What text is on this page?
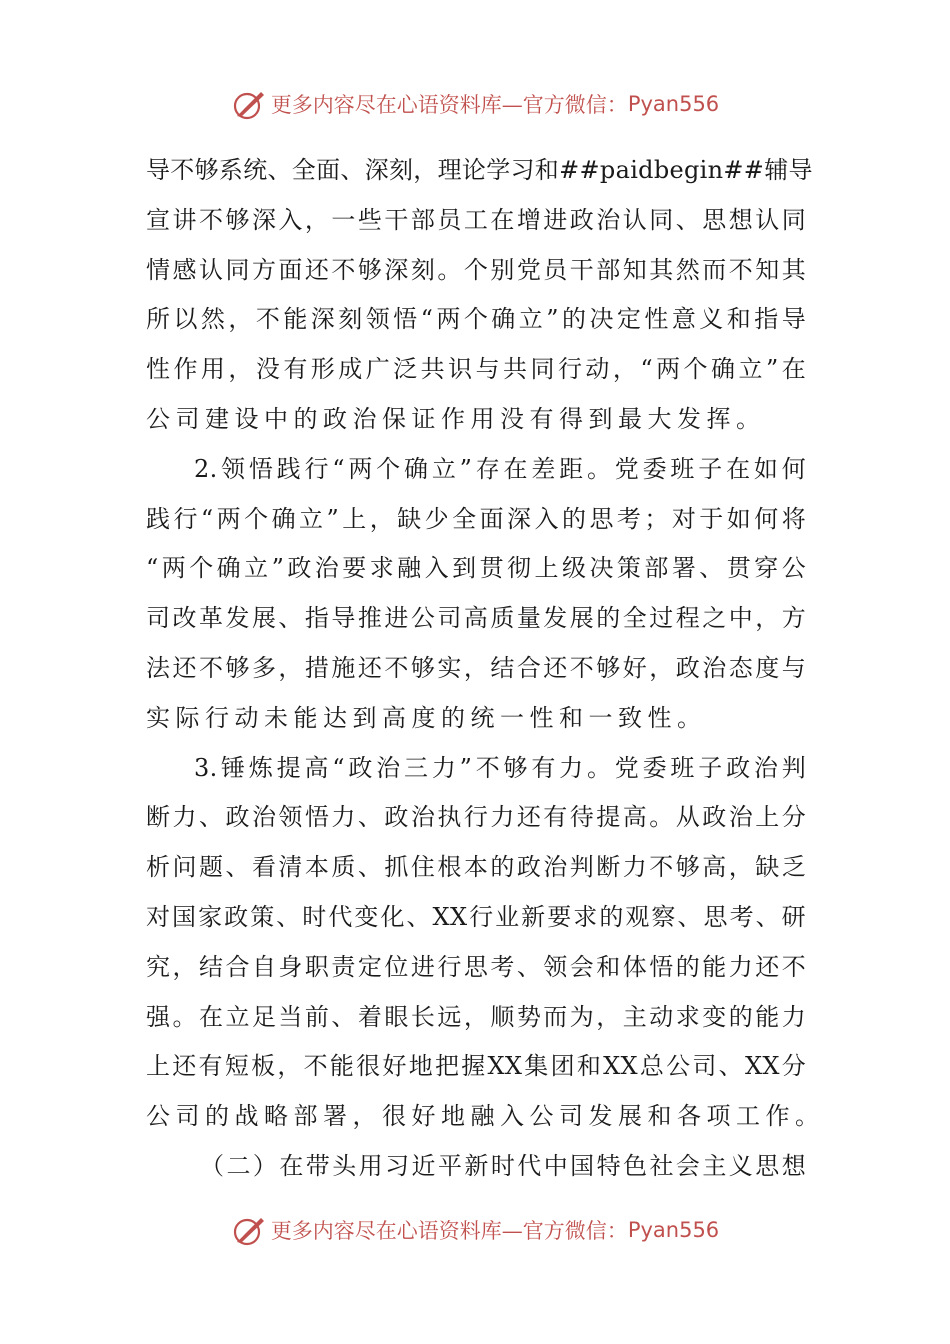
更多内容尽在心语资料库—官方微信： Pyan556
导不够系统、全面、深刻，理论学习和##paidbegin##辅导
宣讲不够深入，一些干部员工在增进政治认同、思想认同
情感认同方面还不够深刻。个别党员干部知其然而不知其
所以然，不能深刻领悟“两个确立”的决定性意义和指导
性作用，没有形成广泛共识与共同行动，“两个确立”在
公司建设中的政治保证作用没有得到最大发挥。
2.领悟践行“两个确立”存在差距。党委班子在如何
践行“两个确立”上，缺少全面深入的思考；对于如何将
“两个确立”政治要求融入到贯彻上级决策部署、贯穿公
司改革发展、指导推进公司高质量发展的全过程之中，方
法还不够多，措施还不够实，结合还不够好，政治态度与
实际行动未能达到高度的统一性和一致性。
3.锤炼提高“政治三力”不够有力。党委班子政治判
断力、政治领悟力、政治执行力还有待提高。从政治上分
析问题、看清本质、抓住根本的政治判断力不够高，缺乏
对国家政策、时代变化、XX行业新要求的观察、思考、研
究，结合自身职责定位进行思考、领会和体悟的能力还不
强。在立足当前、着眼长远，顺势而为，主动求变的能力
上还有短板，不能很好地把握XX集团和XX总公司、XX分
公司的战略部署，很好地融入公司发展和各项工作。
（二）在带头用习近平新时代中国特色社会主义思想
更多内容尽在心语资料库—官方微信： Pyan556
